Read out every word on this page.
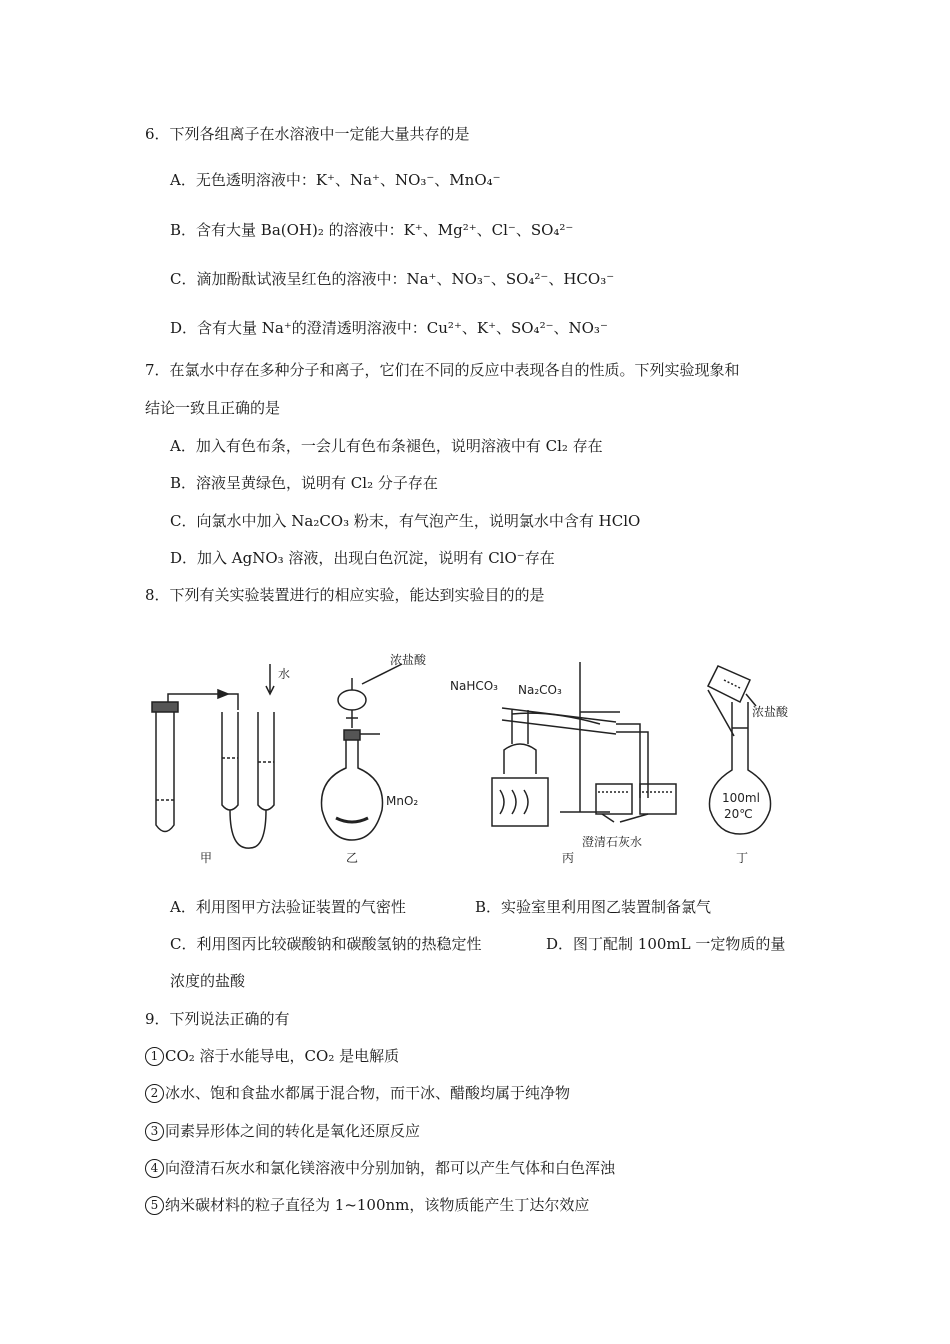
6．下列各组离子在水溶液中一定能大量共存的是
A．无色透明溶液中：K⁺、Na⁺、NO₃⁻、MnO₄⁻
B．含有大量 Ba(OH)₂ 的溶液中：K⁺、Mg²⁺、Cl⁻、SO₄²⁻
C．滴加酚酞试液呈红色的溶液中：Na⁺、NO₃⁻、SO₄²⁻、HCO₃⁻
D．含有大量 Na⁺的澄清透明溶液中：Cu²⁺、K⁺、SO₄²⁻、NO₃⁻
7．在氯水中存在多种分子和离子，它们在不同的反应中表现各自的性质。下列实验现象和
结论一致且正确的是
A．加入有色布条，一会儿有色布条褪色，说明溶液中有 Cl₂ 存在
B．溶液呈黄绿色，说明有 Cl₂ 分子存在
C．向氯水中加入 Na₂CO₃ 粉末，有气泡产生，说明氯水中含有 HClO
D．加入 AgNO₃ 溶液，出现白色沉淀，说明有 ClO⁻存在
8．下列有关实验装置进行的相应实验，能达到实验目的的是
水
浓盐酸
MnO₂
NaHCO₃ Na₂CO₃
澄清石灰水
浓盐酸
100ml
20℃
甲	乙	丙	丁
A．利用图甲方法验证装置的气密性	B．实验室里利用图乙装置制备氯气
C．利用图丙比较碳酸钠和碳酸氢钠的热稳定性	D．图丁配制 100mL 一定物质的量
浓度的盐酸
9．下列说法正确的有
1 CO₂ 溶于水能导电，CO₂ 是电解质
2 冰水、饱和食盐水都属于混合物，而干冰、醋酸均属于纯净物
3 同素异形体之间的转化是氧化还原反应
4 向澄清石灰水和氯化镁溶液中分别加钠，都可以产生气体和白色浑浊
5 纳米碳材料的粒子直径为 1~100nm，该物质能产生丁达尔效应
